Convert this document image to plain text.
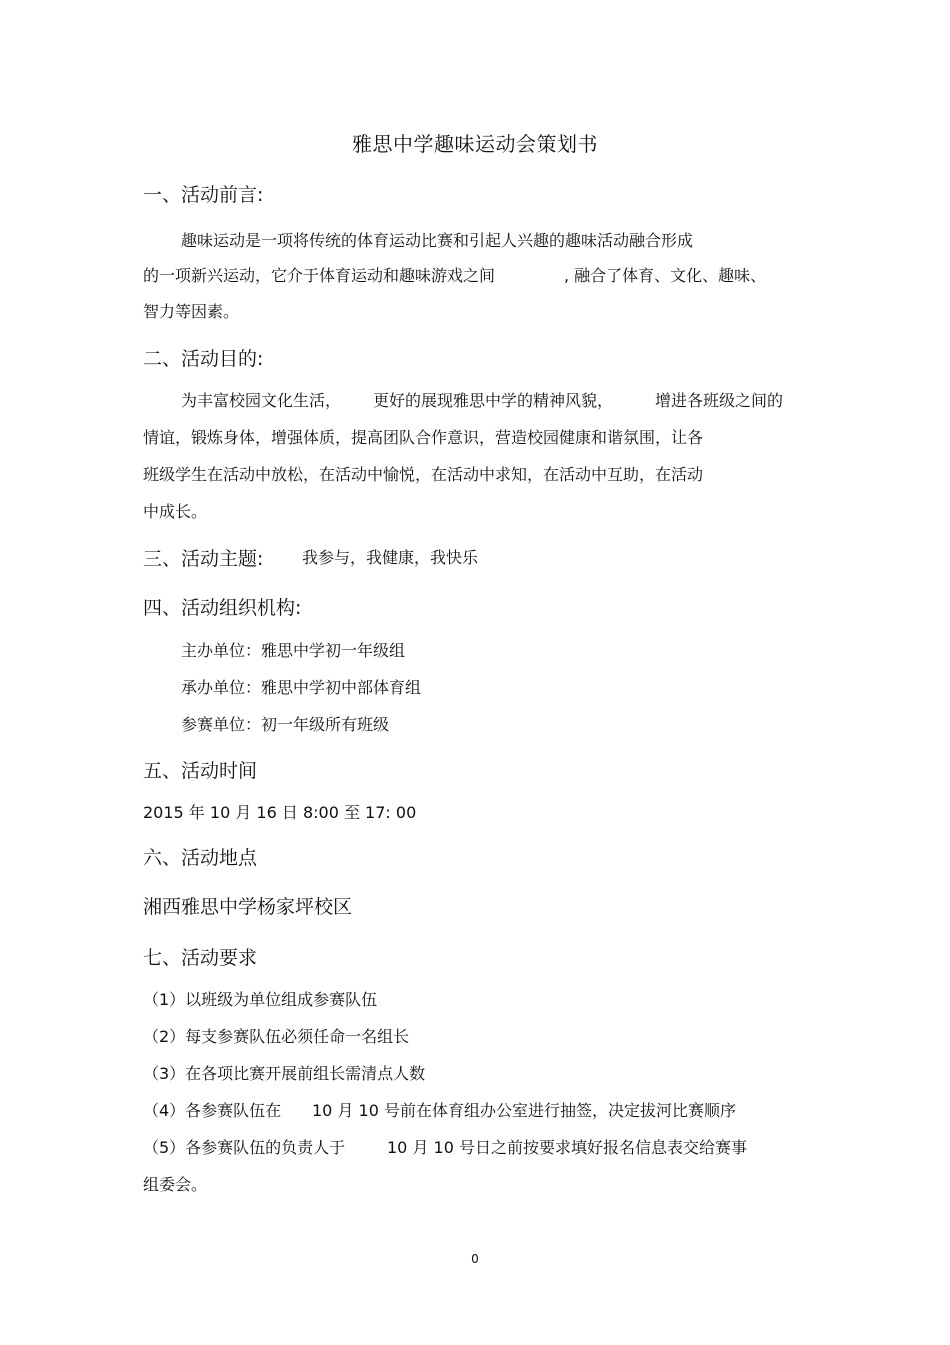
雅思中学趣味运动会策划书
一、活动前言:
趣味运动是一项将传统的体育运动比赛和引起人兴趣的趣味活动融合形成
的一项新兴运动，它介于体育运动和趣味游戏之间	, 融合了体育、文化、趣味、
智力等因素。
二、活动目的:
为丰富校园文化生活， 更好的展现雅思中学的精神风貌，	增进各班级之间的
情谊，锻炼身体，增强体质，提高团队合作意识，营造校园健康和谐氛围，让各
班级学生在活动中放松，在活动中愉悦，在活动中求知，在活动中互助，在活动
中成长。
三、活动主题: 我参与，我健康，我快乐
四、活动组织机构:
主办单位：雅思中学初一年级组
承办单位：雅思中学初中部体育组
参赛单位：初一年级所有班级
五、活动时间
2015 年 10 月 16 日 8:00 至 17: 00
六、活动地点
湘西雅思中学杨家坪校区
七、活动要求
（1）以班级为单位组成参赛队伍
（2）每支参赛队伍必须任命一名组长
（3）在各项比赛开展前组长需清点人数
（4）各参赛队伍在 10 月 10 号前在体育组办公室进行抽签，决定拔河比赛顺序
（5）各参赛队伍的负责人于	10 月 10 号日之前按要求填好报名信息表交给赛事
组委会。
0
